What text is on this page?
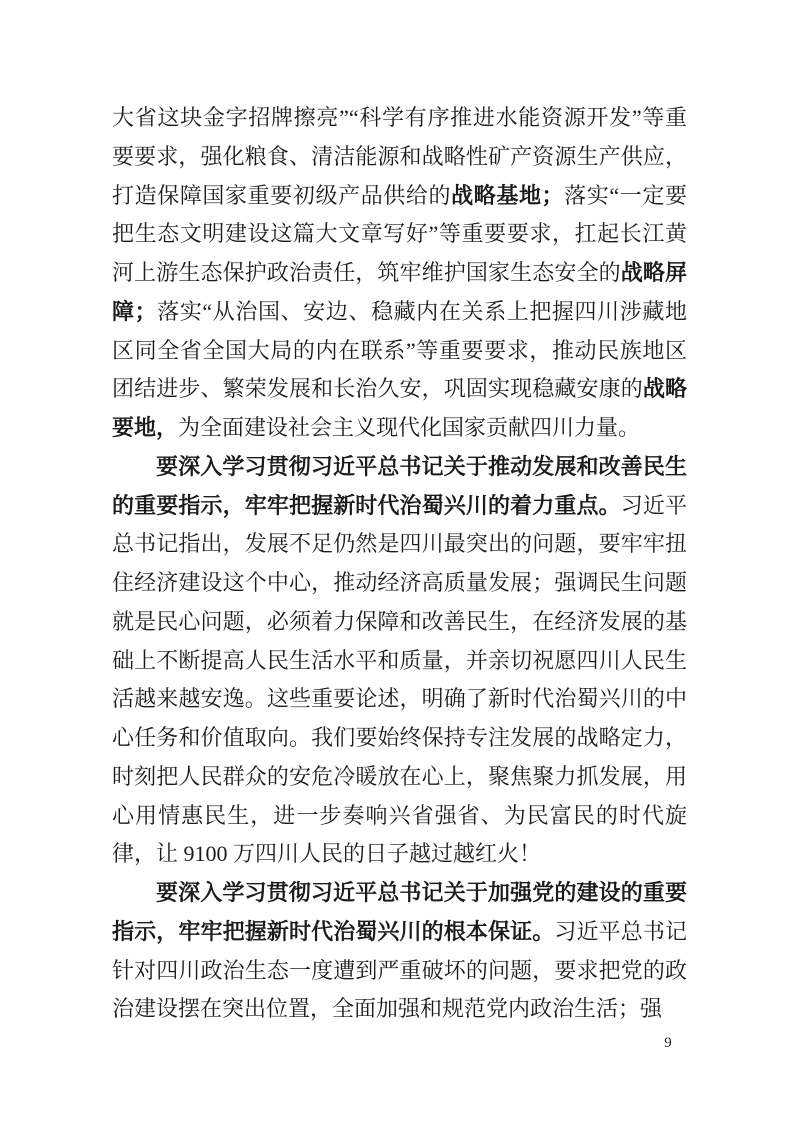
大省这块金字招牌擦亮”“科学有序推进水能资源开发”等重要要求，强化粮食、清洁能源和战略性矿产资源生产供应，打造保障国家重要初级产品供给的战略基地；落实“一定要把生态文明建设这篇大文章写好”等重要要求，扛起长江黄河上游生态保护政治责任，筑牢维护国家生态安全的战略屏障；落实“从治国、安边、稳藏内在关系上把握四川涉藏地区同全省全国大局的内在联系”等重要要求，推动民族地区团结进步、繁荣发展和长治久安，巩固实现稳藏安康的战略要地，为全面建设社会主义现代化国家贡献四川力量。

要深入学习贯彻习近平总书记关于推动发展和改善民生的重要指示，牢牢把握新时代治蜀兴川的着力重点。习近平总书记指出，发展不足仍然是四川最突出的问题，要牢牢扭住经济建设这个中心，推动经济高质量发展；强调民生问题就是民心问题，必须着力保障和改善民生，在经济发展的基础上不断提高人民生活水平和质量，并亲切祝愿四川人民生活越来越安逸。这些重要论述，明确了新时代治蜀兴川的中心任务和价值取向。我们要始终保持专注发展的战略定力，时刻把人民群众的安危冷暖放在心上，聚焦聚力抓发展，用心用情惠民生，进一步奏响兴省强省、为民富民的时代旋律，让 9100 万四川人民的日子越过越红火！

要深入学习贯彻习近平总书记关于加强党的建设的重要指示，牢牢把握新时代治蜀兴川的根本保证。习近平总书记针对四川政治生态一度遭到严重破坏的问题，要求把党的政治建设摆在突出位置，全面加强和规范党内政治生活；强

9
